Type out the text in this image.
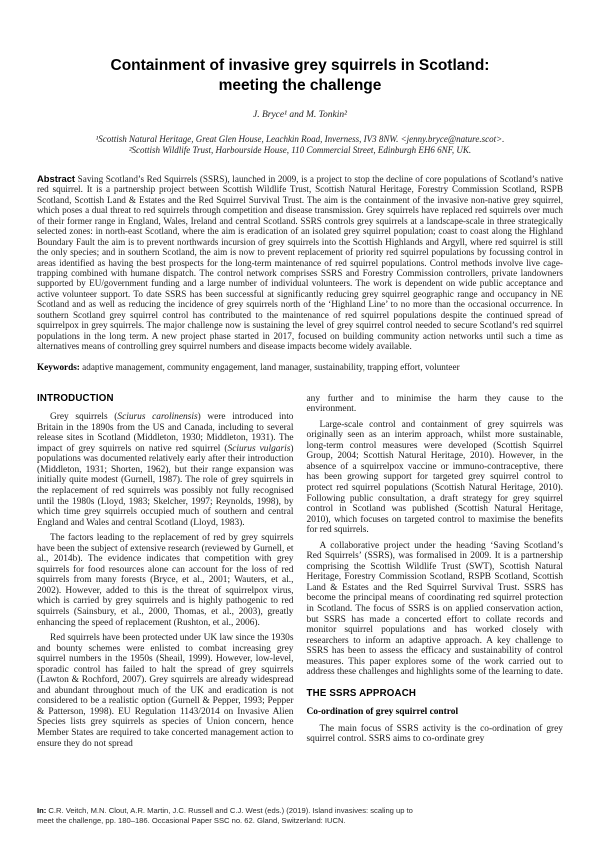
Containment of invasive grey squirrels in Scotland:
meeting the challenge
J. Bryce¹ and M. Tonkin²
¹Scottish Natural Heritage, Great Glen House, Leachkin Road, Inverness, IV3 8NW. <jenny.bryce@nature.scot>.
²Scottish Wildlife Trust, Harbourside House, 110 Commercial Street, Edinburgh EH6 6NF, UK.

Abstract Saving Scotland’s Red Squirrels (SSRS), launched in 2009, is a project to stop the decline of core populations of Scotland’s native red squirrel. It is a partnership project between Scottish Wildlife Trust, Scottish Natural Heritage, Forestry Commission Scotland, RSPB Scotland, Scottish Land & Estates and the Red Squirrel Survival Trust. The aim is the containment of the invasive non-native grey squirrel, which poses a dual threat to red squirrels through competition and disease transmission. Grey squirrels have replaced red squirrels over much of their former range in England, Wales, Ireland and central Scotland. SSRS controls grey squirrels at a landscape-scale in three strategically selected zones: in north-east Scotland, where the aim is eradication of an isolated grey squirrel population; coast to coast along the Highland Boundary Fault the aim is to prevent northwards incursion of grey squirrels into the Scottish Highlands and Argyll, where red squirrel is still the only species; and in southern Scotland, the aim is now to prevent replacement of priority red squirrel populations by focussing control in areas identified as having the best prospects for the long-term maintenance of red squirrel populations. Control methods involve live cage-trapping combined with humane dispatch. The control network comprises SSRS and Forestry Commission controllers, private landowners supported by EU/government funding and a large number of individual volunteers. The work is dependent on wide public acceptance and active volunteer support. To date SSRS has been successful at significantly reducing grey squirrel geographic range and occupancy in NE Scotland and as well as reducing the incidence of grey squirrels north of the ‘Highland Line’ to no more than the occasional occurrence. In southern Scotland grey squirrel control has contributed to the maintenance of red squirrel populations despite the continued spread of squirrelpox in grey squirrels. The major challenge now is sustaining the level of grey squirrel control needed to secure Scotland’s red squirrel populations in the long term. A new project phase started in 2017, focused on building community action networks until such a time as alternatives means of controlling grey squirrel numbers and disease impacts become widely available.

Keywords: adaptive management, community engagement, land manager, sustainability, trapping effort, volunteer

INTRODUCTION

Grey squirrels (Sciurus carolinensis) were introduced into Britain in the 1890s from the US and Canada, including to several release sites in Scotland (Middleton, 1930; Middleton, 1931). The impact of grey squirrels on native red squirrel (Sciurus vulgaris) populations was documented relatively early after their introduction (Middleton, 1931; Shorten, 1962), but their range expansion was initially quite modest (Gurnell, 1987). The role of grey squirrels in the replacement of red squirrels was possibly not fully recognised until the 1980s (Lloyd, 1983; Skelcher, 1997; Reynolds, 1998), by which time grey squirrels occupied much of southern and central England and Wales and central Scotland (Lloyd, 1983).

The factors leading to the replacement of red by grey squirrels have been the subject of extensive research (reviewed by Gurnell, et al., 2014b). The evidence indicates that competition with grey squirrels for food resources alone can account for the loss of red squirrels from many forests (Bryce, et al., 2001; Wauters, et al., 2002). However, added to this is the threat of squirrelpox virus, which is carried by grey squirrels and is highly pathogenic to red squirrels (Sainsbury, et al., 2000, Thomas, et al., 2003), greatly enhancing the speed of replacement (Rushton, et al., 2006).

Red squirrels have been protected under UK law since the 1930s and bounty schemes were enlisted to combat increasing grey squirrel numbers in the 1950s (Sheail, 1999). However, low-level, sporadic control has failed to halt the spread of grey squirrels (Lawton & Rochford, 2007). Grey squirrels are already widespread and abundant throughout much of the UK and eradication is not considered to be a realistic option (Gurnell & Pepper, 1993; Pepper & Patterson, 1998). EU Regulation 1143/2014 on Invasive Alien Species lists grey squirrels as species of Union concern, hence Member States are required to take concerted management action to ensure they do not spread

any further and to minimise the harm they cause to the environment.

Large-scale control and containment of grey squirrels was originally seen as an interim approach, whilst more sustainable, long-term control measures were developed (Scottish Squirrel Group, 2004; Scottish Natural Heritage, 2010). However, in the absence of a squirrelpox vaccine or immuno-contraceptive, there has been growing support for targeted grey squirrel control to protect red squirrel populations (Scottish Natural Heritage, 2010). Following public consultation, a draft strategy for grey squirrel control in Scotland was published (Scottish Natural Heritage, 2010), which focuses on targeted control to maximise the benefits for red squirrels.

A collaborative project under the heading ‘Saving Scotland’s Red Squirrels’ (SSRS), was formalised in 2009. It is a partnership comprising the Scottish Wildlife Trust (SWT), Scottish Natural Heritage, Forestry Commission Scotland, RSPB Scotland, Scottish Land & Estates and the Red Squirrel Survival Trust. SSRS has become the principal means of coordinating red squirrel protection in Scotland. The focus of SSRS is on applied conservation action, but SSRS has made a concerted effort to collate records and monitor squirrel populations and has worked closely with researchers to inform an adaptive approach. A key challenge to SSRS has been to assess the efficacy and sustainability of control measures. This paper explores some of the work carried out to address these challenges and highlights some of the learning to date.

THE SSRS APPROACH
Co-ordination of grey squirrel control

The main focus of SSRS activity is the co-ordination of grey squirrel control. SSRS aims to co-ordinate grey

In: C.R. Veitch, M.N. Clout, A.R. Martin, J.C. Russell and C.J. West (eds.) (2019). Island invasives: scaling up to meet the challenge, pp. 180–186. Occasional Paper SSC no. 62. Gland, Switzerland: IUCN.
